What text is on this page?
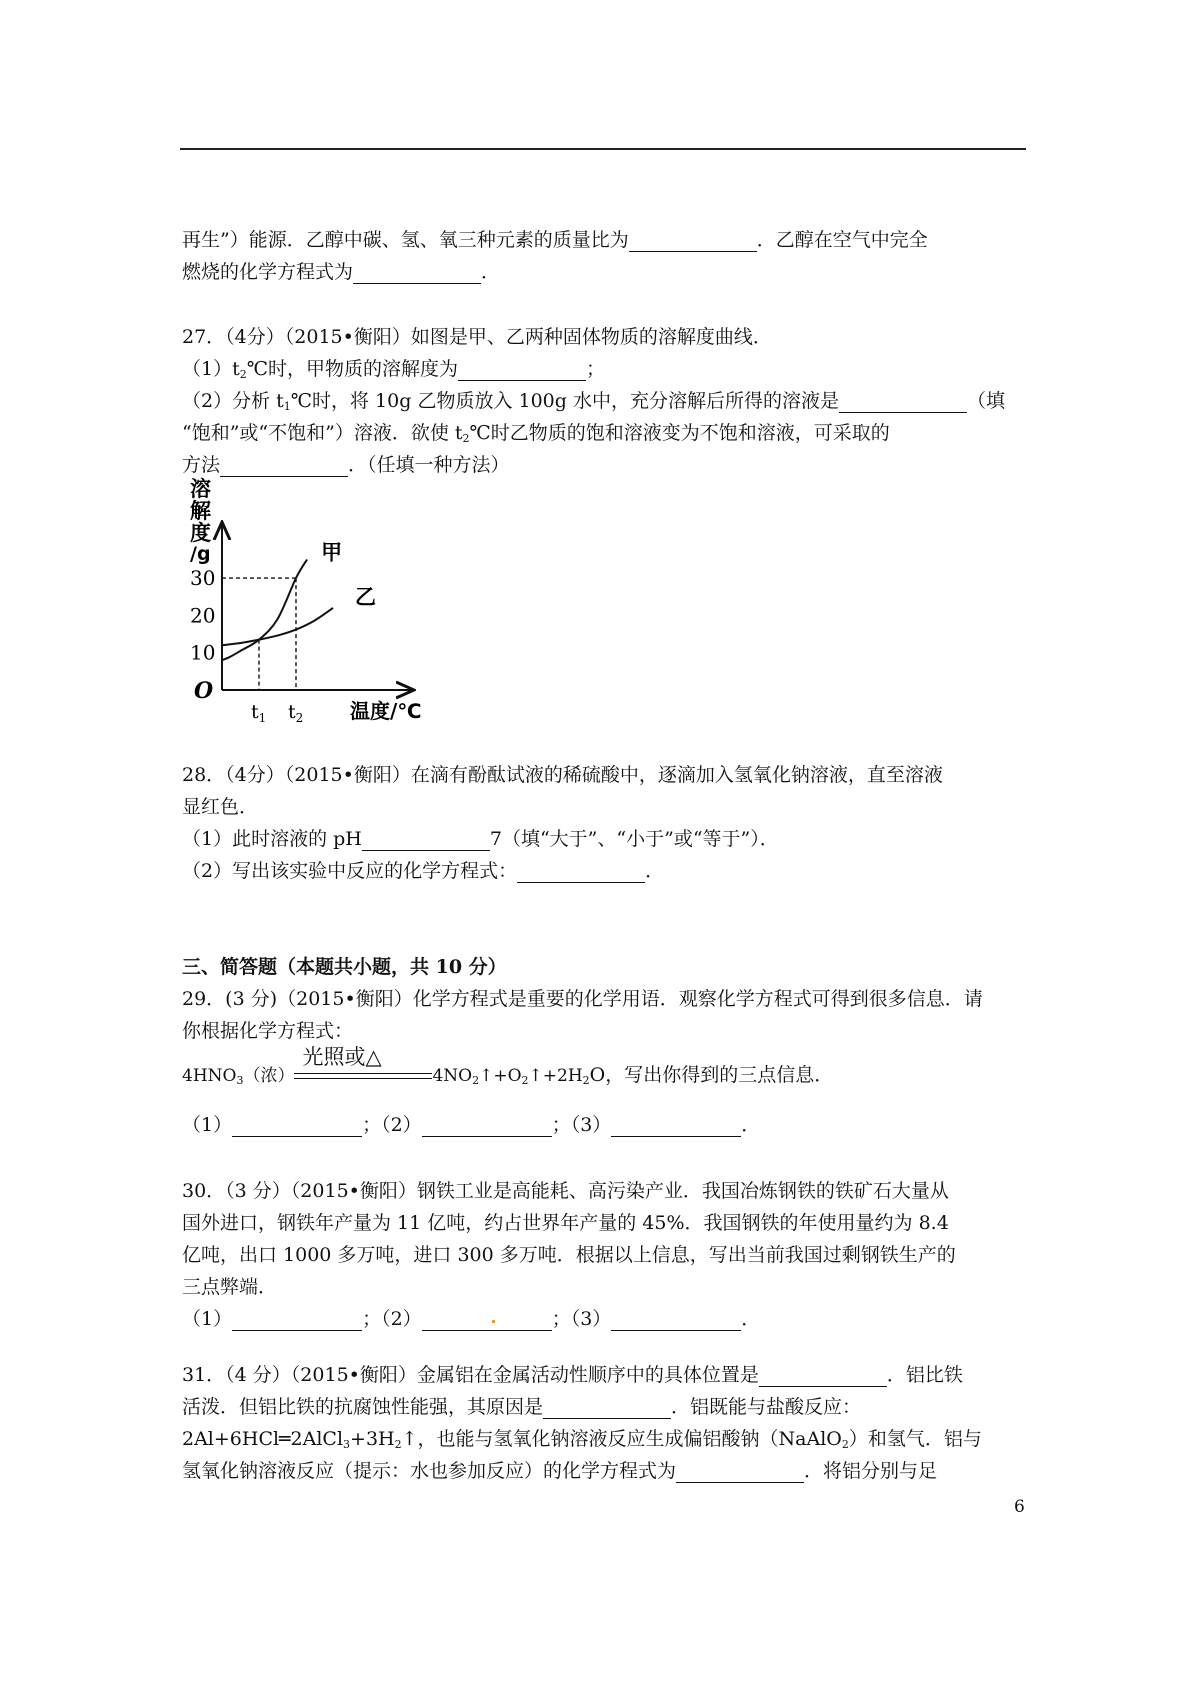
再生”）能源．乙醇中碳、氢、氧三种元素的质量比为	．乙醇在空气中完全
燃烧的化学方程式为	．
27．（4分）（2015•衡阳）如图是甲、乙两种固体物质的溶解度曲线．
$(1)t_2℃$时，甲物质的溶解度为	；
（2）分析 $t_1℃$时，将 10g 乙物质放入 100g 水中，充分溶解后所得的溶液是	（填
“饱和”或“不饱和”）溶液．欲使 $t_2℃$时乙物质的饱和溶液变为不饱和溶液，可采取的
方法	．（任填一种方法）
溶
解
度
/g
O
10
20
30
$t_1$ $t_2$
甲
乙
温度/℃
28．（4分）（2015•衡阳）在滴有酚酞试液的稀硫酸中，逐滴加入氢氧化钠溶液，直至溶液
显红色．
（1）此时溶液的 pH	7（填“大于”、“小于”或“等于”）．
（2）写出该实验中反应的化学方程式：	．
三、简答题（本题共小题，共 10 分）
29．(3 分)（2015•衡阳）化学方程式是重要的化学用语．观察化学方程式可得到很多信息．请
你根据化学方程式：
$4HNO_3$（浓）
光照或△
$4NO_2↑+O_2↑+2H_2O$，写出你得到的三点信息．
（1）	；（2）	；（3）	．
30．（3 分）（2015•衡阳）钢铁工业是高能耗、高污染产业．我国冶炼钢铁的铁矿石大量从
国外进口，钢铁年产量为 11 亿吨，约占世界年产量的 45%．我国钢铁的年使用量约为 8.4
亿吨，出口 1000 多万吨，进口 300 多万吨．根据以上信息，写出当前我国过剩钢铁生产的
三点弊端．
（1）	；（2）	；（3）	．
31．（4 分）（2015•衡阳）金属铝在金属活动性顺序中的具体位置是	．铝比铁
活泼．但铝比铁的抗腐蚀性能强，其原因是	．铝既能与盐酸反应：
$2Al+6HCl═2AlCl_3+3H_2↑$，也能与氢氧化钠溶液反应生成偏铝酸钠（NaAlO$_2$）和氢气．铝与
氢氧化钠溶液反应（提示：水也参加反应）的化学方程式为	．将铝分别与足
6
